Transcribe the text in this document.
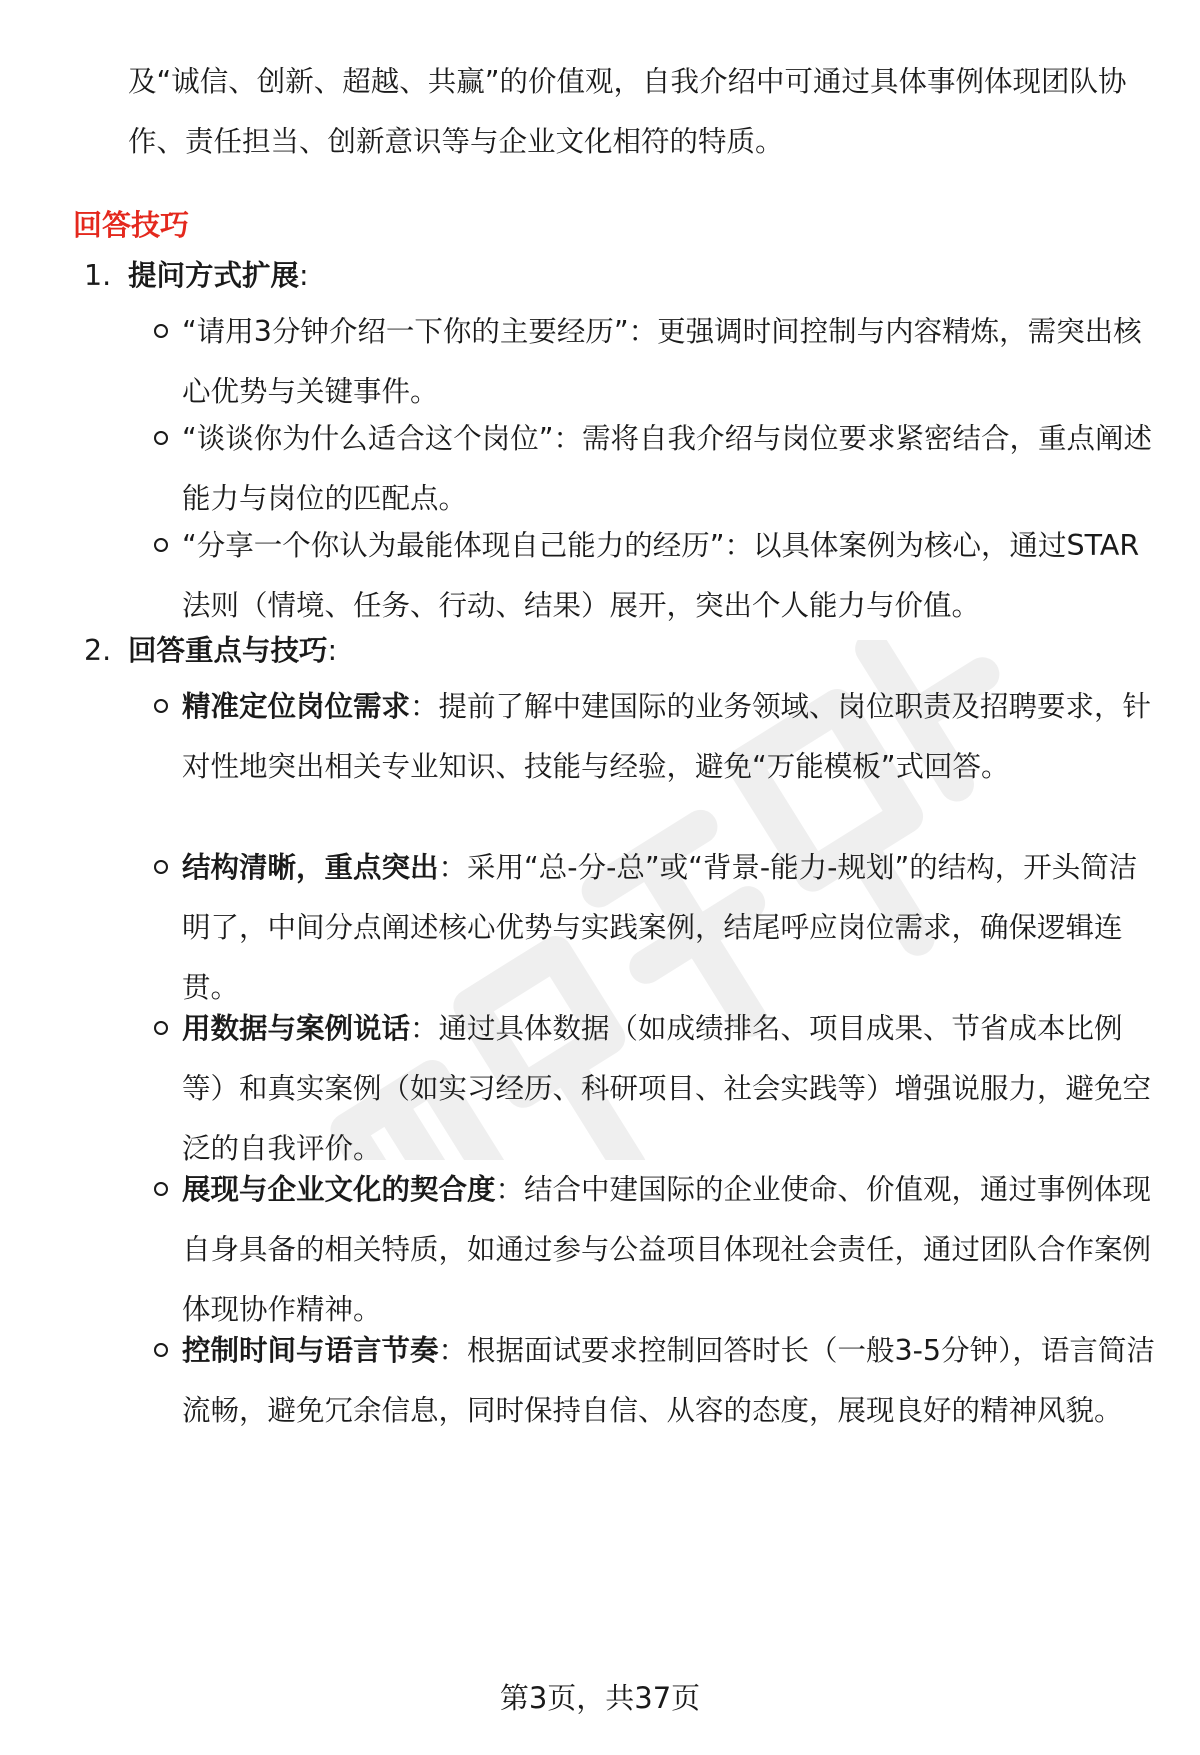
及“诚信、创新、超越、共赢”的价值观，自我介绍中可通过具体事例体现团队协作、责任担当、创新意识等与企业文化相符的特质。
回答技巧
1. 提问方式扩展:
“请用3分钟介绍一下你的主要经历”：更强调时间控制与内容精炼，需突出核心优势与关键事件。
“谈谈你为什么适合这个岗位”：需将自我介绍与岗位要求紧密结合，重点阐述能力与岗位的匹配点。
“分享一个你认为最能体现自己能力的经历”：以具体案例为核心，通过STAR法则（情境、任务、行动、结果）展开，突出个人能力与价值。
2. 回答重点与技巧:
精准定位岗位需求：提前了解中建国际的业务领域、岗位职责及招聘要求，针对性地突出相关专业知识、技能与经验，避免“万能模板”式回答。
结构清晰，重点突出：采用“总-分-总”或“背景-能力-规划”的结构，开头简洁明了，中间分点阐述核心优势与实践案例，结尾呼应岗位需求，确保逻辑连贯。
用数据与案例说话：通过具体数据（如成绩排名、项目成果、节省成本比例等）和真实案例（如实习经历、科研项目、社会实践等）增强说服力，避免空泛的自我评价。
展现与企业文化的契合度：结合中建国际的企业使命、价值观，通过事例体现自身具备的相关特质，如通过参与公益项目体现社会责任，通过团队合作案例体现协作精神。
控制时间与语言节奏：根据面试要求控制回答时长（一般3-5分钟），语言简洁流畅，避免冗余信息，同时保持自信、从容的态度，展现良好的精神风貌。
第3页，共37页
